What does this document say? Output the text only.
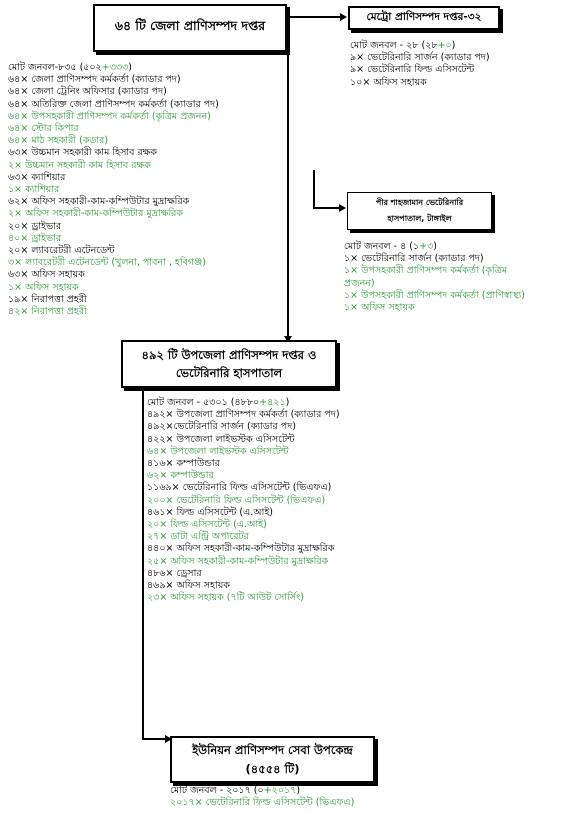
৬৪ টি জেলা প্রাণিসম্পদ দপ্তর
মেট্রো প্রাণিসম্পদ দপ্তর-৩২
পীর শাহজামান ভেটেরিনারি
হাসপাতাল, টাঙ্গাইল
৪৯২ টি উপজেলা প্রাণিসম্পদ দপ্তর ও
ভেটেরিনারি হাসপাতাল
ইউনিয়ন প্রাণিসম্পদ সেবা উপকেন্দ্র
(৪৫৫৪ টি)
মোট জনবল-৮৩৫ (৫০২+৩৩৩)
৬৪× জেলা প্রাণিসম্পদ কর্মকর্তা (ক্যাডার পদ)
৬৪× জেলা ট্রেনিং অফিসার (ক্যাডার পদ)
৬৪× অতিরিক্ত জেলা প্রাণিসম্পদ কর্মকর্তা (ক্যাডার পদ)
৬৪× উপসহকারী প্রাণিসম্পদ কর্মকর্তা (কৃত্রিম প্রজনন)
৬৪× স্টোর কিপার
৬৪× মাঠ সহকারী (কডার)
৬৩× উচ্চমান সহকারী কাম হিসাব রক্ষক
২× উচ্চমান সহকারী কাম হিসাব রক্ষক
৬৩× ক্যাশিয়ার
১× ক্যাশিয়ার
৬২× অফিস সহকারী-কাম-কম্পিউটার মুদ্রাক্ষরিক
২× অফিস সহকারী-কাম-কম্পিউটার মুদ্রাক্ষরিক
২০× ড্রাইভার
৪০× ড্রাইভার
২০× ল্যাবরেটরী এটেনডেন্ট
৩× ল্যাবরেটরী এটেনডেন্ট (খুলনা, পাবনা , হবিগঞ্জ)
৬৩× অফিস সহায়ক
১× অফিস সহায়ক
১৯× নিরাপত্তা প্রহরী
৪২× নিরাপত্তা প্রহরী
মোট জনবল - ২৮ (২৮+০)
৯× ভেটেরিনারি সার্জন (ক্যাডার পদ)
৯× ভেটেরিনারি ফিল্ড এসিসটেন্ট
১০× অফিস সহায়ক
মোট জনবল - ৪ (১+৩)
১× ভেটেরিনারি সার্জন (ক্যাডার পদ)
১× উপসহকারী প্রাণিসম্পদ কর্মকর্তা (কৃত্রিম
প্রজনন)
১× উপসহকারী প্রাণিসম্পদ কর্মকর্তা (প্রাণিস্বাস্থ্য)
১× অফিস সহায়ক
মোট জনবল - ৫৩০১ (৪৮৮০+৪২১)
৪৯২× উপজেলা প্রাণিসম্পদ কর্মকর্তা (ক্যাডার পদ)
৪৯২×ভেটেরিনারি সার্জন (ক্যাডার পদ)
৪২২× উপজেলা লাইভস্টক এসিসটেন্ট
৬৪× উপজেলা লাইভস্টক এসিসটেন্ট
৪১৬× কম্পাউন্ডার
৬২× কম্পাউন্ডার
১১৬৯× ভেটেরিনারি ফিল্ড এসিসটেন্ট (ভিএফএ)
২০০× ভেটেরিনারি ফিল্ড এসিসটেন্ট (ভিএফএ)
৪৬১× ফিল্ড এসিসটেন্ট (এ.আই)
২০× ফিল্ড এসিসটেন্ট (এ.আই)
২৭× ডাটা এন্ট্রি অপারেটর
৪৪০× অফিস সহকারী-কাম-কম্পিউটার মুদ্রাক্ষরিক
২৫× অফিস সহকারী-কাম-কম্পিউটার মুদ্রাক্ষরিক
৪৮৬× ড্রেসার
৪৬৯× অফিস সহায়ক
২৩× অফিস সহায়ক (৭টি আউট সোর্সিং)
মোট জনবল - ২০১৭ (০+২০১৭)
২০১৭× ভেটেরিনারি ফিল্ড এসিসটেন্ট (ভিএফএ)
